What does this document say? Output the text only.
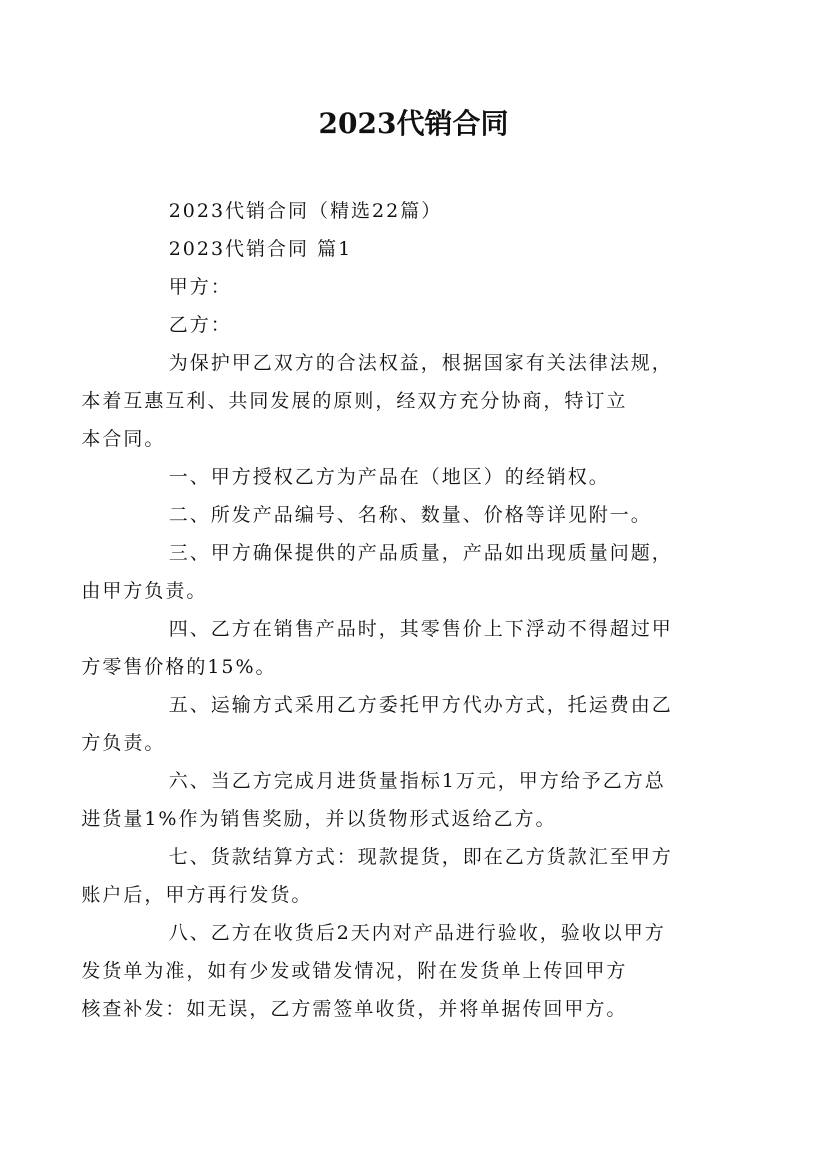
2023代销合同

2023代销合同（精选22篇）

2023代销合同 篇1

甲方：

乙方：

为保护甲乙双方的合法权益，根据国家有关法律法规，
本着互惠互利、共同发展的原则，经双方充分协商，特订立
本合同。

一、甲方授权乙方为产品在（地区）的经销权。

二、所发产品编号、名称、数量、价格等详见附一。

三、甲方确保提供的产品质量，产品如出现质量问题，
由甲方负责。

四、乙方在销售产品时，其零售价上下浮动不得超过甲
方零售价格的15%。

五、运输方式采用乙方委托甲方代办方式，托运费由乙
方负责。

六、当乙方完成月进货量指标1万元，甲方给予乙方总
进货量1%作为销售奖励，并以货物形式返给乙方。

七、货款结算方式：现款提货，即在乙方货款汇至甲方
账户后，甲方再行发货。

八、乙方在收货后2天内对产品进行验收，验收以甲方
发货单为准，如有少发或错发情况，附在发货单上传回甲方
核查补发：如无误，乙方需签单收货，并将单据传回甲方。
